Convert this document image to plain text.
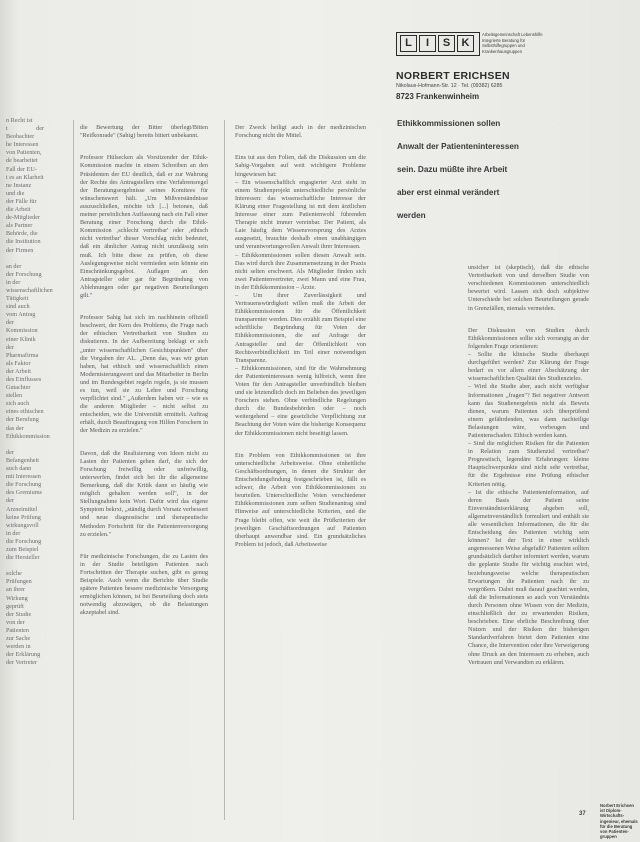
n Recht ist
t der Beobachter
he Interessen
von Patienten,
de bearbeitet
Fall der EU-
t es an Klarheit
ne Instanz
und die
der Fälle für
die Arbeit
de-Mitglieder
als Partner
Behörde, die
die Institution
der Firmen

an der
der Forschung
in der
wissenschaftlichen
Tätigkeit
sind auch
vom Antrag
der Kommission
einer Klinik
der Pharmafirma
als Faktor
der Arbeit
des Einflusses
Gutachter
stellen
sich auch
eines ethischen
der Berufung
das der
Ethikkommission

der Befangenheit
auch dann
mit Interessen
die Forschung
des Gremiums
der Arzneimittel
keine Prüfung
wirkungsvoll
in der
die Forschung
zum Beispiel
die Hersteller

solche
Prüfungen
an ihrer
Wirkung
geprüft
der Studie
von der
Patienten
zur Sache
werden in
der Erklärung
der Vertreter

die Bewertung der Bitter überlegt/Bitten "Reifkonrade" (Sahig) bereits bittert unbekannt.

Professor Hülsecken als Vorsitzender der Ethik-Kommission machte in einem Schreiben an den Präsidenten der EU deutlich, daß er zur Wahrung der Rechte des Antragstellers eine Verfahrensregel der Beratungsergebnisse seines Komitees für wünschenswert hält. „Um Mißverständnisse auszuschließen, möchte ich [...] betonen, daß meiner persönlichen Auffassung nach ein Fall einer Beratung einer Forschung durch die Ethik-Kommission ‚schlecht vertretbar' oder ‚ethisch nicht vertretbar' dieser Vorschlag nicht bedeutet, daß ein ähnlicher Antrag nicht unzulässig sein muß. Ich bitte diese zu prüfen, ob diese Auslegungsweise nicht vermieden sein könnte ein Einschränkungsgebot. Auflagen an den Antragsteller oder gar für Begründung von Ablehnungen oder gar negativen Beurteilungen gilt."

Professor Sahig hat sich im nachhinein offiziell beschwert, der Kern des Problems, die Frage nach der ethischen Vertretbarkeit von Studien zu diskutieren. In der Aufbereitung beklagt er sich „unter wissenschaftlichen Gesichtspunkten" über die Vorgaben der AL. „Denn das, was wir getan haben, hat ethisch und wissenschaftlich einen Modernisierungswert und das Mitarbeiter in Berlin und im Bundesgebiet regeln regeln, ja sie mussen es tun, weil sie zu Lehre und Forschung verpflichtet sind." „Außerdem haben wir – wie es die anderen Mitglieder – nicht selbst zu entscheiden, wie die Universität ermittelt. Auftrag erhält, durch Beauftragung von Hilfen Forschern in der Medizin zu erzielen."

Davon, daß die Realisierung von Ideen nicht zu Lasten der Patienten gehen darf, die sich der Forschung freiwillig oder unfreiwillig, unterwerfen, findet sich bei ihr die allgemeine Bemerkung, daß die Kritik dann so häufig wie möglich gehalten werden soll", in der Stellungnahme kein Wort. Dafür wird das eigene Symptom bekrxt, „ständig durch Vorsatz verbessert und neue diagnostische und therapeutische Methoden Fortschritt für die Patientenversorgung zu erzielen."

Für medizinische Forschungen, die zu Lasten des in der Studie beteiligten Patienten nach Fortschritten der Therapie suchen, gibt es genug Beispiele. Auch wenn die Berichte über Studie spätere Patienten bessere medizinische Versorgung ermöglichen können, ist bei Beurteilung doch stets notwendig abzuwägen, ob die Belastungen akzeptabel sind.

Der Zweck heiligt auch in der medizinischen Forschung nicht die Mittel.

Eins tut aus den Folien, daß die Diskussion um die Sahig-Vorgaben auf weit wichtigere Probleme hingewiesen hat:
– Ein wissenschaftlich engagierter Arzt sieht in einem Studienprojekt unterschiedliche persönliche Interessen: das wissenschaftliche Interesse der Klärung einer Fragestellung ist mit dem ärztlichen Interesse einer zum Patientenwohl führenden Therapie nicht immer vereinbar. Der Patient, als Laie häufig dem Wissensvorsprung des Arztes ausgesetzt, brauchte deshalb einen unabhängigen und verantwortungsvollen Anwalt ihrer Interessen.
– Ethikkommissionen sollen diesen Anwalt sein. Das wird durch ihre Zusammensetzung in der Praxis nicht selten erschwert. Als Mitglieder finden sich zwei Patientenvertreter, zwei Mann und eine Frau, in der Ethikkommission – Ärzte.
– Um ihrer Zuverlässigkeit und Vertrauenswürdigkeit willen muß die Arbeit der Ethikkommissionen für die Öffentlichkeit transparenter werden. Dies erzählt zum Beispiel eine schriftliche Begründung für Voten der Ethikkommissionen, die auf Anfrage der Antragsteller und der Öffentlichkeit von Rechtsverbindlichkeit im Teil einer notwendigen Transparenz.
– Ethikkommissionen, sind für die Wahrnehmung der Patienteninteressen wenig hilfreich, wenn ihre Voten für den Antragsteller unverbindlich bleiben und sie letztendlich doch im Belieben des jeweiligen Forschers stehen. Ohne verbindliche Regelungen durch die Bundesbehörden oder – noch weitergehend – eine gesetzliche Verpflichtung zur Beachtung der Voten wäre die bisherige Konsequenz der Ethikkommissionen nicht beseitigt lassen.

Ein Problem von Ethikkommissionen ist ihre unterschiedliche Arbeitsweise. Ohne einheitliche Geschäftsordnungen, in denen die Struktur der Entscheidungsfindung festgeschrieben ist, fällt es schwer, die Arbeit von Ethikkommissionen zu beurteilen. Unterschiedliche Voten verschiedener Ethikkommissionen zum selben Studienantrag sind Hinweise auf unterschiedliche Kriterien, und die Frage bleibt offen, wie weit die Prüfkriterien der jeweiligen Geschäftsordnungen auf Patienten überhaupt anwendbar sind. Ein grundsätzliches Problem ist jedoch, daß Arbeitsweise

L	I	S	K
Arbeitsgemeinschaft Lebenshilfe
Integrierte Beratung für
Selbsthilfegruppen und
Krankenhausgruppen
NORBERT ERICHSEN
Nikolaus-Hofmann-Str. 12 · Tel. (09382) 6285
8723 Frankenwinheim
Ethikkommissionen sollen
Anwalt der Patienteninteressen
sein. Dazu müßte ihre Arbeit
aber erst einmal verändert
werden

unsicher ist (skeptisch), daß die ethische Vertretbarkeit von und derselben Studie von verschiedenen Kommissionen unterschiedlich bewertet wird. Lassen sich doch subjektive Unterschiede bei solchen Beurteilungen gerade in Grenzfällen, niemals vermeiden.

Der Diskussion von Studien durch Ethikkommissionen sollte sich vorrangig an der folgenden Frage orientieren:
– Sollte die klinische Studie überhaupt durchgeführt werden? Zur Klärung der Frage bedarf es vor allem einer Abschätzung der wissenschaftlichen Qualität des Studienzieles.
– Wird die Studie aber, auch nicht verfügbar Informationen „fragen"? Bei negativer Antwort kann das Studienergebnis nicht als Beweis dienen, warum Patienten sich überprüfend einem gefährdenden, was dann nachteilige Belastungen wäre, vorbeugen und Patientenschaden. Ethisch werden kann.
– Sind die möglichen Risiken für die Patienten in Relation zum Studienziel vertretbar? Prognostisch, legendäre Erfahrungen: kleine Hauptschwerpunkte sind nicht sehr vertretbar, für die Ergebnisse eine Prüfung ethischer Kriterien nötig.
– Ist die ethische Patienteninformation, auf deren Basis der Patient seine Einverständniserklärung abgeben soll, allgemeinverständlich formuliert und enthält sie alle wesentlichen Informationen, die für die Entscheidung des Patienten wichtig sein können? Ist der Text in einer wirklich angemessenen Weise abgefaßt? Patienten sollten grundsätzlich darüber informiert werden, warum die geplante Studie für wichtig erachtet wird, beziehungsweise welche therapeutischen Erwartungen die Patienten nach ihr zu vergrößern. Dabei muß darauf geachtet werden, daß die Informationen so auch von Verständnis durch Personen ohne Wissen von der Medizin, einschließlich der zu erwartenden Risiken, beschrieben. Eine ehrliche Beschreibung über Nutzen und der Risiken der bisherigen Standardverfahren bietet dem Patienten eine Chance, die Intervention oder ihre Verweigerung ohne Druck an den Interessen zu erheben, auch Vertrauen und Verwandten zu erklären.

Norbert Erichsen
ist Diplom-Wirtschafts-
ingenieur, ehemals
für die Beratung
von Patienten-
gruppen
37
